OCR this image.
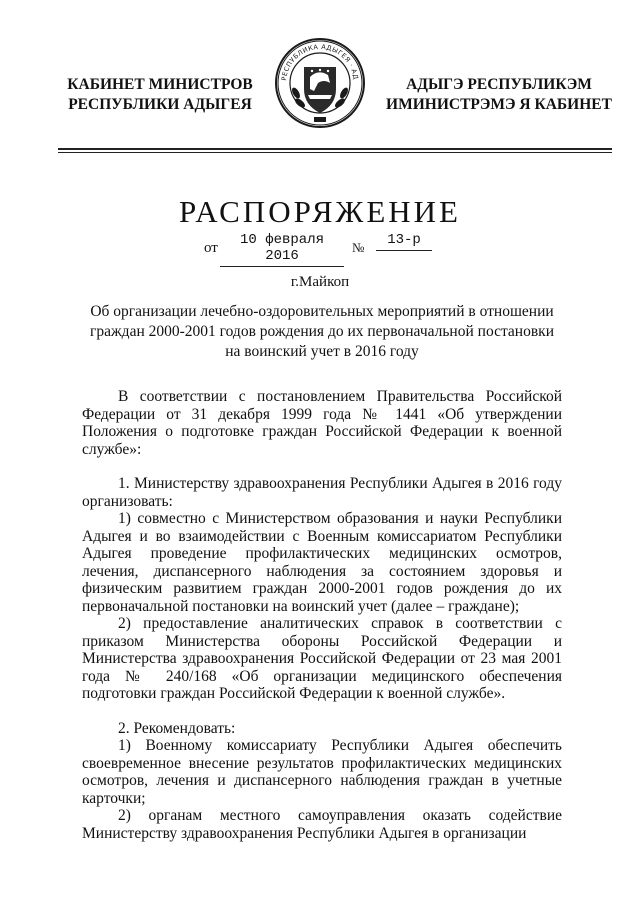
КАБИНЕТ МИНИСТРОВ
РЕСПУБЛИКИ АДЫГЕЯ
РЕСПУБЛИКА АДЫГЕЯ · АД	АДЫГЭ РЕСПУБЛИКЭМ
ИМИНИСТРЭМЭ Я КАБИНЕТ
РАСПОРЯЖЕНИЕ
от	10 февраля 2016
№	13-р
г.Майкоп
Об организации лечебно-оздоровительных мероприятий в отношении граждан 2000-2001 годов рождения до их первоначальной постановки на воинский учет в 2016 году

В соответствии с постановлением Правительства Российской Федерации от 31 декабря 1999 года № 1441 «Об утверждении Положения о подготовке граждан Российской Федерации к военной службе»:

1. Министерству здравоохранения Республики Адыгея в 2016 году организовать:

1) совместно с Министерством образования и науки Республики Адыгея и во взаимодействии с Военным комиссариатом Республики Адыгея проведение профилактических медицинских осмотров, лечения, диспансерного наблюдения за состоянием здоровья и физическим развитием граждан 2000-2001 годов рождения до их первоначальной постановки на воинский учет (далее – граждане);

2) предоставление аналитических справок в соответствии с приказом Министерства обороны Российской Федерации и Министерства здравоохранения Российской Федерации от 23 мая 2001 года № 240/168 «Об организации медицинского обеспечения подготовки граждан Российской Федерации к военной службе».

2. Рекомендовать:

1) Военному комиссариату Республики Адыгея обеспечить своевременное внесение результатов профилактических медицинских осмотров, лечения и диспансерного наблюдения граждан в учетные карточки;

2) органам местного самоуправления оказать содействие Министерству здравоохранения Республики Адыгея в организации
